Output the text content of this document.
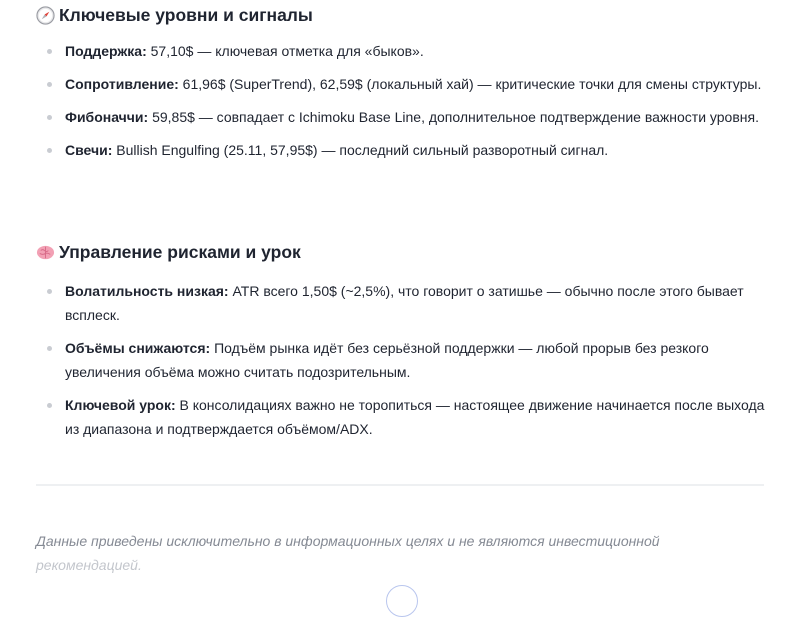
Ключевые уровни и сигналы
Поддержка: 57,10$ — ключевая отметка для «быков».
Сопротивление: 61,96$ (SuperTrend), 62,59$ (локальный хай) — критические точки для смены структуры.
Фибоначчи: 59,85$ — совпадает с Ichimoku Base Line, дополнительное подтверждение важности уровня.
Свечи: Bullish Engulfing (25.11, 57,95$) — последний сильный разворотный сигнал.
Управление рисками и урок
Волатильность низкая: ATR всего 1,50$ (~2,5%), что говорит о затишье — обычно после этого бывает всплеск.
Объёмы снижаются: Подъём рынка идёт без серьёзной поддержки — любой прорыв без резкого увеличения объёма можно считать подозрительным.
Ключевой урок: В консолидациях важно не торопиться — настоящее движение начинается после выхода из диапазона и подтверждается объёмом/ADX.
Данные приведены исключительно в информационных целях и не являются инвестиционной
рекомендацией.
